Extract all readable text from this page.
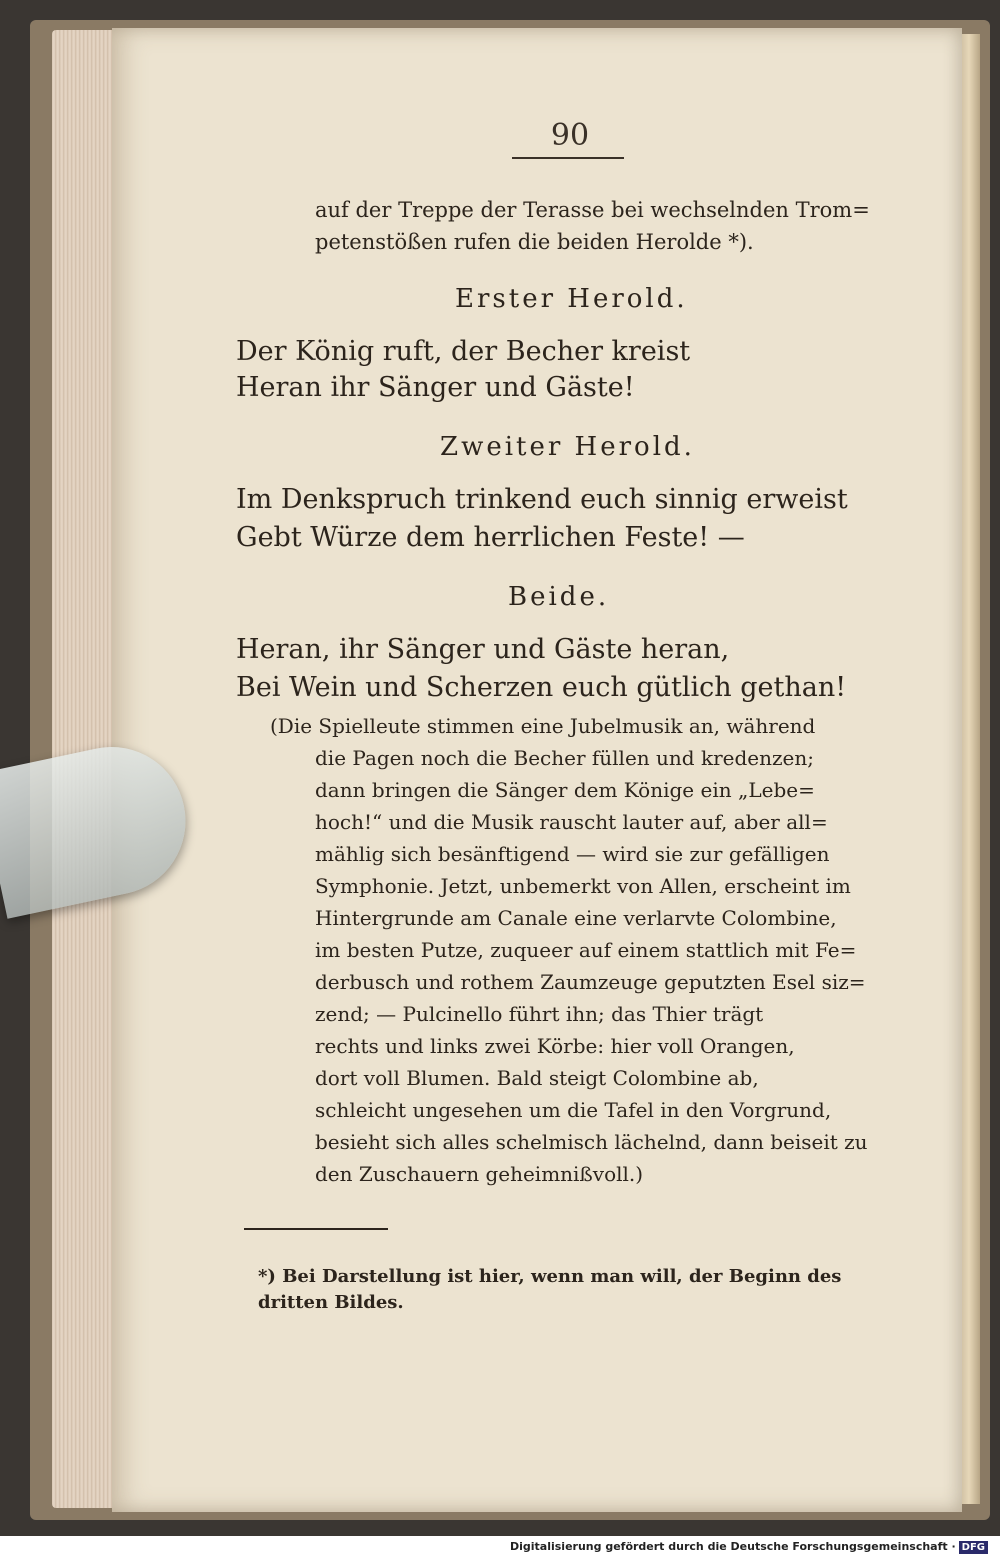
90
auf der Treppe der Terasse bei wechselnden Trom=
petenstößen rufen die beiden Herolde *).
Erster Herold.
Der König ruft, der Becher kreist
Heran ihr Sänger und Gäste!
Zweiter Herold.
Im Denkspruch trinkend euch sinnig erweist
Gebt Würze dem herrlichen Feste! —
Beide.
Heran, ihr Sänger und Gäste heran,
Bei Wein und Scherzen euch gütlich gethan!
(Die Spielleute stimmen eine Jubelmusik an, während
die Pagen noch die Becher füllen und kredenzen;
dann bringen die Sänger dem Könige ein „Lebe=
hoch!“ und die Musik rauscht lauter auf, aber all=
mählig sich besänftigend — wird sie zur gefälligen
Symphonie. Jetzt, unbemerkt von Allen, erscheint im
Hintergrunde am Canale eine verlarvte Colombine,
im besten Putze, zuqueer auf einem stattlich mit Fe=
derbusch und rothem Zaumzeuge geputzten Esel siz=
zend; — Pulcinello führt ihn; das Thier trägt
rechts und links zwei Körbe: hier voll Orangen,
dort voll Blumen. Bald steigt Colombine ab,
schleicht ungesehen um die Tafel in den Vorgrund,
besieht sich alles schelmisch lächelnd, dann beiseit zu
den Zuschauern geheimnißvoll.)
*) Bei Darstellung ist hier, wenn man will, der Beginn des
dritten Bildes.
Digitalisierung gefördert durch die Deutsche Forschungsgemeinschaft · DFG
